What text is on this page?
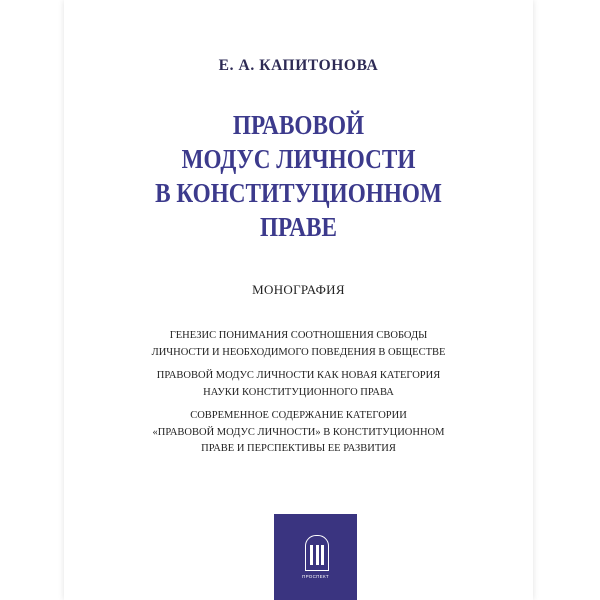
Е. А. КАПИТОНОВА
ПРАВОВОЙ
МОДУС ЛИЧНОСТИ
В КОНСТИТУЦИОННОМ
ПРАВЕ
МОНОГРАФИЯ
ГЕНЕЗИС ПОНИМАНИЯ СООТНОШЕНИЯ СВОБОДЫ
ЛИЧНОСТИ И НЕОБХОДИМОГО ПОВЕДЕНИЯ В ОБЩЕСТВЕ
ПРАВОВОЙ МОДУС ЛИЧНОСТИ КАК НОВАЯ КАТЕГОРИЯ
НАУКИ КОНСТИТУЦИОННОГО ПРАВА
СОВРЕМЕННОЕ СОДЕРЖАНИЕ КАТЕГОРИИ
«ПРАВОВОЙ МОДУС ЛИЧНОСТИ» В КОНСТИТУЦИОННОМ
ПРАВЕ И ПЕРСПЕКТИВЫ ЕЕ РАЗВИТИЯ
ПРОСПЕКТ
